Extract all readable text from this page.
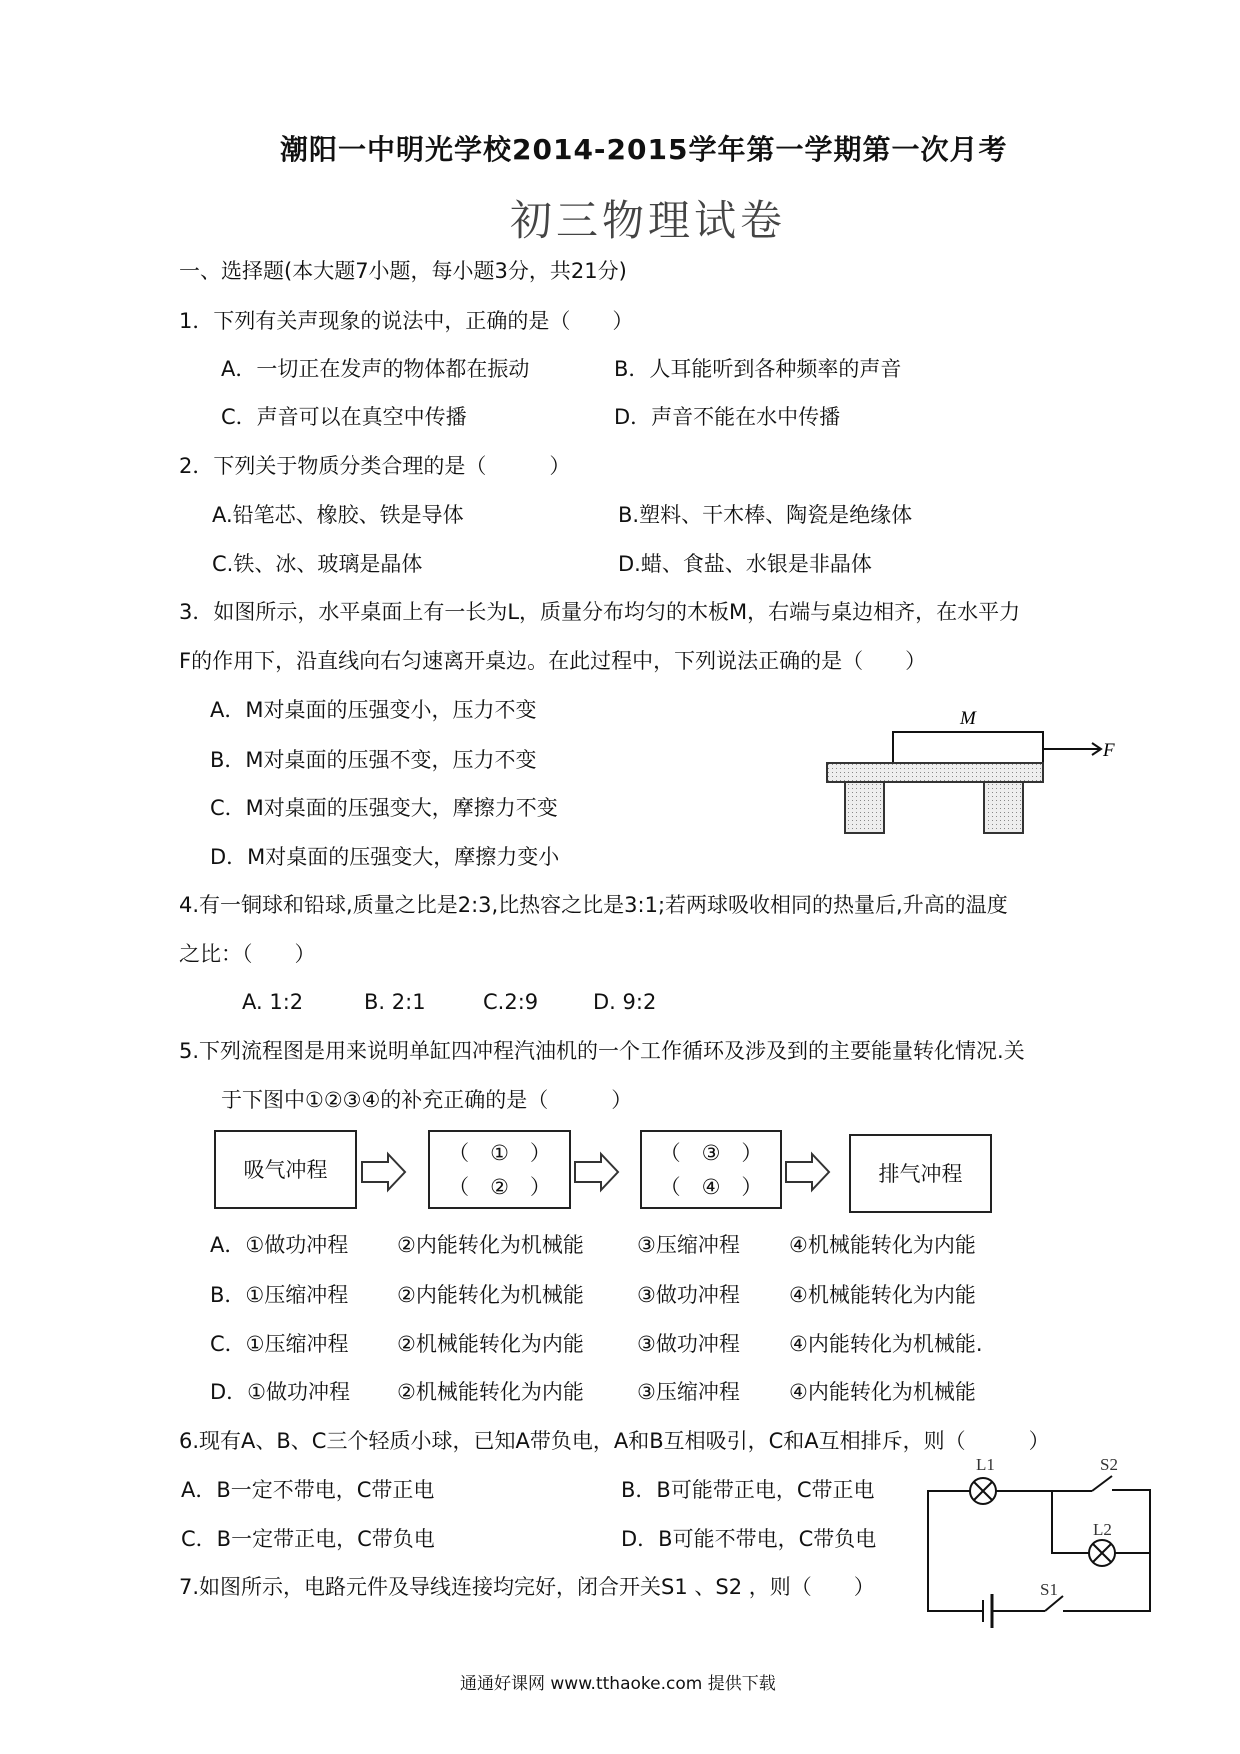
潮阳一中明光学校2014-2015学年第一学期第一次月考
初三物理试卷
一、选择题(本大题7小题，每小题3分，共21分)
1．下列有关声现象的说法中，正确的是（　　）
A．一切正在发声的物体都在振动	B．人耳能听到各种频率的声音
C．声音可以在真空中传播	D．声音不能在水中传播
2．下列关于物质分类合理的是（　　　）
A.铅笔芯、橡胶、铁是导体	B.塑料、干木棒、陶瓷是绝缘体
C.铁、冰、玻璃是晶体	D.蜡、食盐、水银是非晶体
3．如图所示，水平桌面上有一长为L，质量分布均匀的木板M，右端与桌边相齐，在水平力
F的作用下，沿直线向右匀速离开桌边。在此过程中，下列说法正确的是（　　）
A．M对桌面的压强变小，压力不变
B．M对桌面的压强不变，压力不变
C．M对桌面的压强变大，摩擦力不变
D．M对桌面的压强变大，摩擦力变小
M
F
L1	S2
L2
S1
4.有一铜球和铅球,质量之比是2:3,比热容之比是3:1;若两球吸收相同的热量后,升高的温度
之比：（　　）
A. 1:2	B. 2:1	C.2:9	D. 9:2
5.下列流程图是用来说明单缸四冲程汽油机的一个工作循环及涉及到的主要能量转化情况.关
于下图中①②③④的补充正确的是（　　　）
吸气冲程
（　①　）
（　②　）
（　③　）
（　④　）
排气冲程
A．①做功冲程 ②内能转化为机械能	③压缩冲程 ④机械能转化为内能
B．①压缩冲程 ②内能转化为机械能	③做功冲程 ④机械能转化为内能
C．①压缩冲程 ②机械能转化为内能	③做功冲程 ④内能转化为机械能.
D．①做功冲程 ②机械能转化为内能	③压缩冲程 ④内能转化为机械能
6.现有A、B、C三个轻质小球，已知A带负电，A和B互相吸引，C和A互相排斥，则（　　　）
A．B一定不带电，C带正电	B．B可能带正电，C带正电
C．B一定带正电，C带负电	D．B可能不带电，C带负电
7.如图所示，电路元件及导线连接均完好，闭合开关S1 、S2 ，则（　　）
通通好课网 www.tthaoke.com 提供下载
